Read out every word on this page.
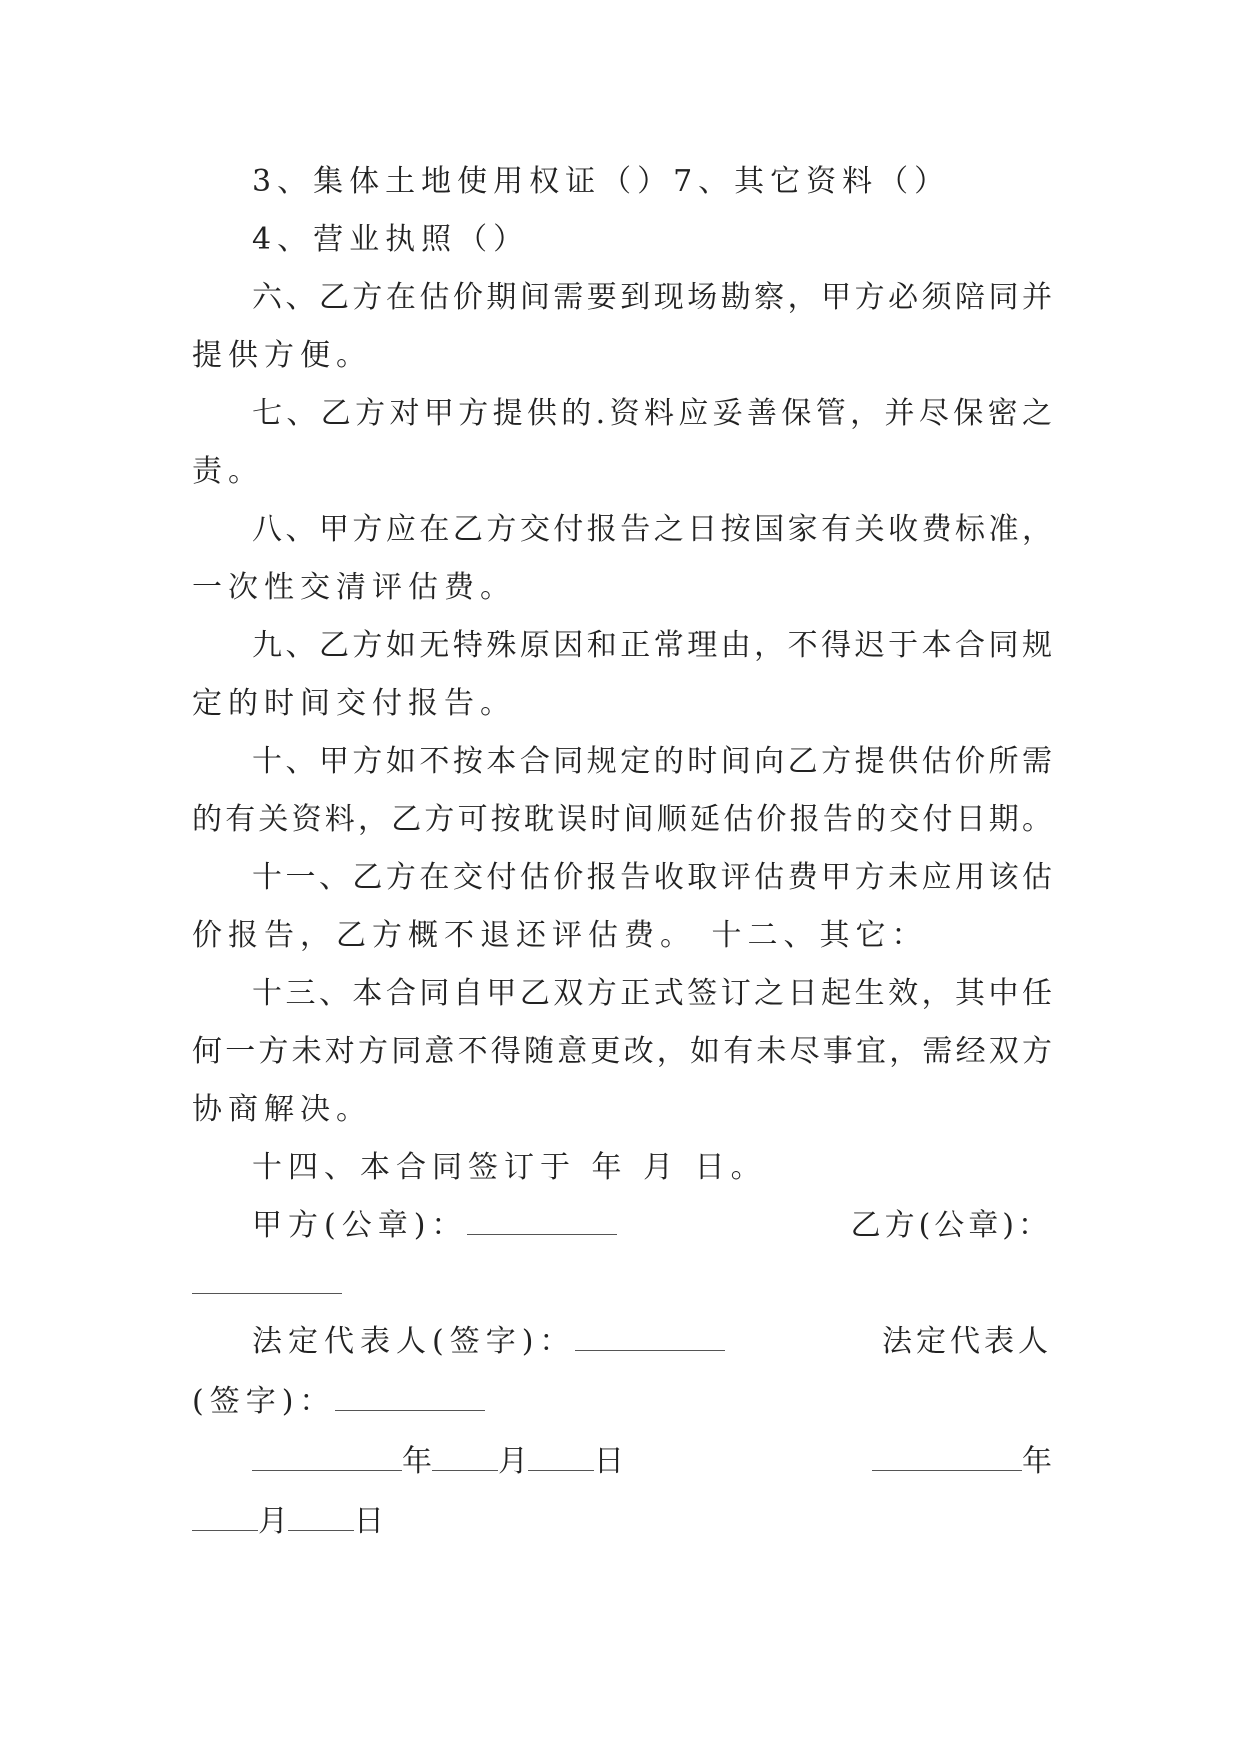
3、集体土地使用权证（）7、其它资料（）
4、营业执照（）
六、乙方在估价期间需要到现场勘察，甲方必须陪同并
提供方便。
七、乙方对甲方提供的.资料应妥善保管，并尽保密之
责。
八、甲方应在乙方交付报告之日按国家有关收费标准，
一次性交清评估费。
九、乙方如无特殊原因和正常理由，不得迟于本合同规
定的时间交付报告。
十、甲方如不按本合同规定的时间向乙方提供估价所需
的有关资料，乙方可按耽误时间顺延估价报告的交付日期。
十一、乙方在交付估价报告收取评估费甲方未应用该估
价报告，乙方概不退还评估费。 十二、其它：
十三、本合同自甲乙双方正式签订之日起生效，其中任
何一方未对方同意不得随意更改，如有未尽事宜，需经双方
协商解决。
十四、本合同签订于 年 月 日。
甲方(公章)：	乙方(公章)：
法定代表人(签字)：	法定代表人
(签字)：
年 月 日	年
月 日
